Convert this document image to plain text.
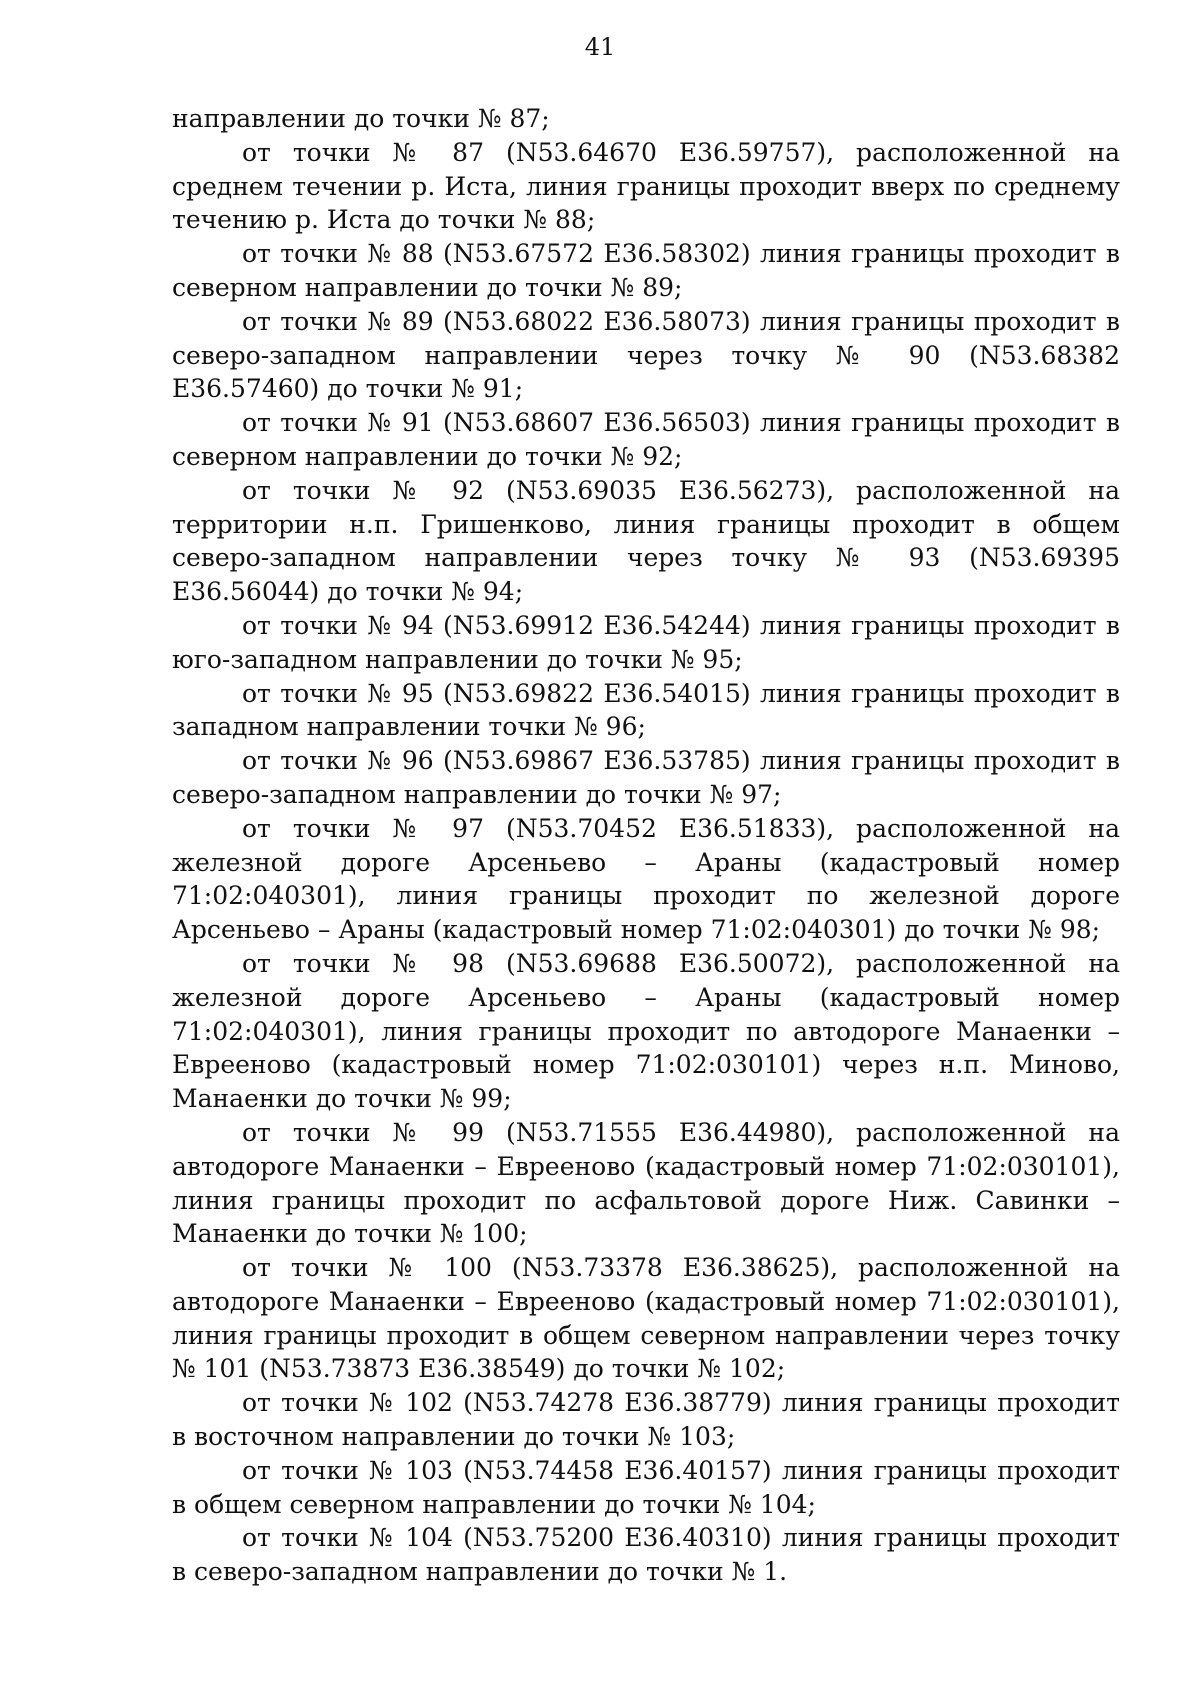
41

направлении до точки № 87;

от точки № 87 (N53.64670 E36.59757), расположенной на среднем течении р. Иста, линия границы проходит вверх по среднему течению р. Иста до точки № 88;

от точки № 88 (N53.67572 E36.58302) линия границы проходит в северном направлении до точки № 89;

от точки № 89 (N53.68022 E36.58073) линия границы проходит в северо-западном направлении через точку № 90 (N53.68382 E36.57460) до точки № 91;

от точки № 91 (N53.68607 E36.56503) линия границы проходит в северном направлении до точки № 92;

от точки № 92 (N53.69035 E36.56273), расположенной на территории н.п. Гришенково, линия границы проходит в общем северо-западном направлении через точку № 93 (N53.69395 E36.56044) до точки № 94;

от точки № 94 (N53.69912 E36.54244) линия границы проходит в юго-западном направлении до точки № 95;

от точки № 95 (N53.69822 E36.54015) линия границы проходит в западном направлении точки № 96;

от точки № 96 (N53.69867 E36.53785) линия границы проходит в северо-западном направлении до точки № 97;

от точки № 97 (N53.70452 E36.51833), расположенной на железной дороге Арсеньево – Араны (кадастровый номер 71:02:040301), линия границы проходит по железной дороге Арсеньево – Араны (кадастровый номер 71:02:040301) до точки № 98;

от точки № 98 (N53.69688 E36.50072), расположенной на железной дороге Арсеньево – Араны (кадастровый номер 71:02:040301), линия границы проходит по автодороге Манаенки – Еврееново (кадастровый номер 71:02:030101) через н.п. Миново, Манаенки до точки № 99;

от точки № 99 (N53.71555 E36.44980), расположенной на автодороге Манаенки – Еврееново (кадастровый номер 71:02:030101), линия границы проходит по асфальтовой дороге Ниж. Савинки – Манаенки до точки № 100;

от точки № 100 (N53.73378 E36.38625), расположенной на автодороге Манаенки – Евреeново (кадастровый номер 71:02:030101), линия границы проходит в общем северном направлении через точку № 101 (N53.73873 E36.38549) до точки № 102;

от точки № 102 (N53.74278 E36.38779) линия границы проходит в восточном направлении до точки № 103;

от точки № 103 (N53.74458 E36.40157) линия границы проходит в общем северном направлении до точки № 104;

от точки № 104 (N53.75200 E36.40310) линия границы проходит в северо-западном направлении до точки № 1.
